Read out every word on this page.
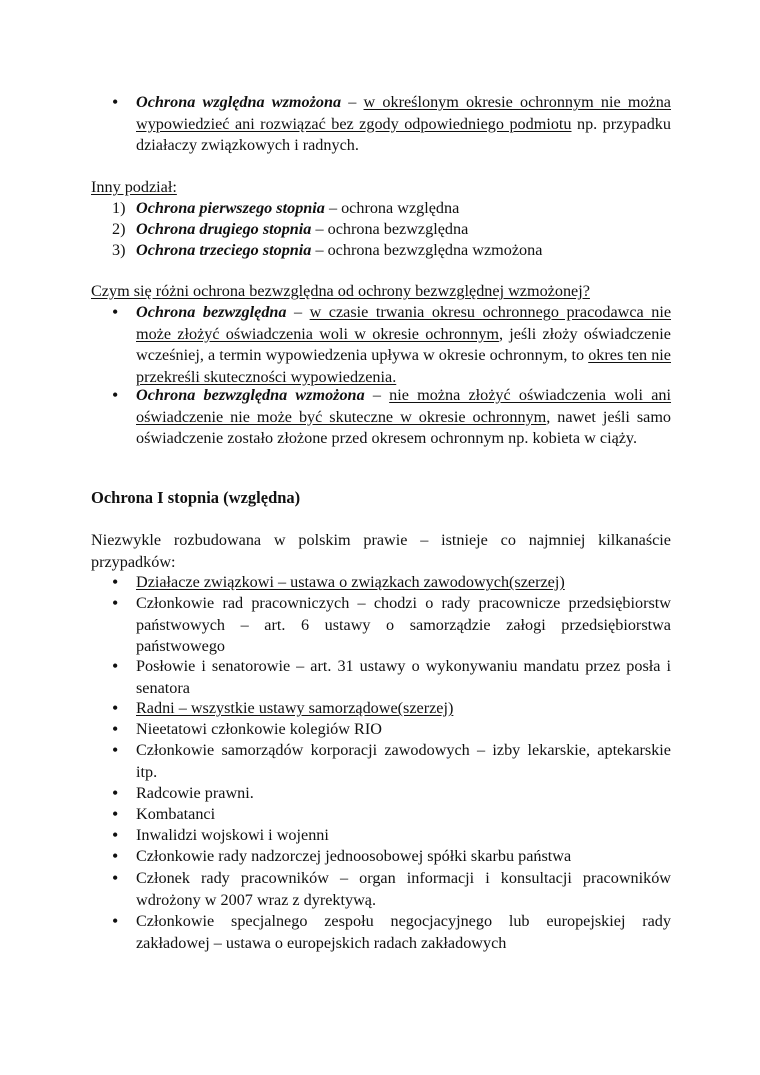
• Ochrona względna wzmożona – w określonym okresie ochronnym nie można wypowiedzieć ani rozwiązać bez zgody odpowiedniego podmiotu np. przypadku działaczy związkowych i radnych.
Inny podział:
1) Ochrona pierwszego stopnia – ochrona względna
2) Ochrona drugiego stopnia – ochrona bezwzględna
3) Ochrona trzeciego stopnia – ochrona bezwzględna wzmożona
Czym się różni ochrona bezwzględna od ochrony bezwzględnej wzmożonej?
• Ochrona bezwzględna – w czasie trwania okresu ochronnego pracodawca nie może złożyć oświadczenia woli w okresie ochronnym, jeśli złoży oświadczenie wcześniej, a termin wypowiedzenia upływa w okresie ochronnym, to okres ten nie przekreśli skuteczności wypowiedzenia.
• Ochrona bezwzględna wzmożona – nie można złożyć oświadczenia woli ani oświadczenie nie może być skuteczne w okresie ochronnym, nawet jeśli samo oświadczenie zostało złożone przed okresem ochronnym np. kobieta w ciąży.
Ochrona I stopnia (względna)
Niezwykle rozbudowana w polskim prawie – istnieje co najmniej kilkanaście przypadków:
• Działacze związkowi – ustawa o związkach zawodowych(szerzej)
• Członkowie rad pracowniczych – chodzi o rady pracownicze przedsiębiorstw państwowych – art. 6 ustawy o samorządzie załogi przedsiębiorstwa państwowego
• Posłowie i senatorowie – art. 31 ustawy o wykonywaniu mandatu przez posła i senatora
• Radni – wszystkie ustawy samorządowe(szerzej)
• Nieetatowi członkowie kolegiów RIO
• Członkowie samorządów korporacji zawodowych – izby lekarskie, aptekarskie itp.
• Radcowie prawni.
• Kombatanci
• Inwalidzi wojskowi i wojenni
• Członkowie rady nadzorczej jednoosobowej spółki skarbu państwa
• Członek rady pracowników – organ informacji i konsultacji pracowników wdrożony w 2007 wraz z dyrektywą.
• Członkowie specjalnego zespołu negocjacyjnego lub europejskiej rady zakładowej – ustawa o europejskich radach zakładowych
